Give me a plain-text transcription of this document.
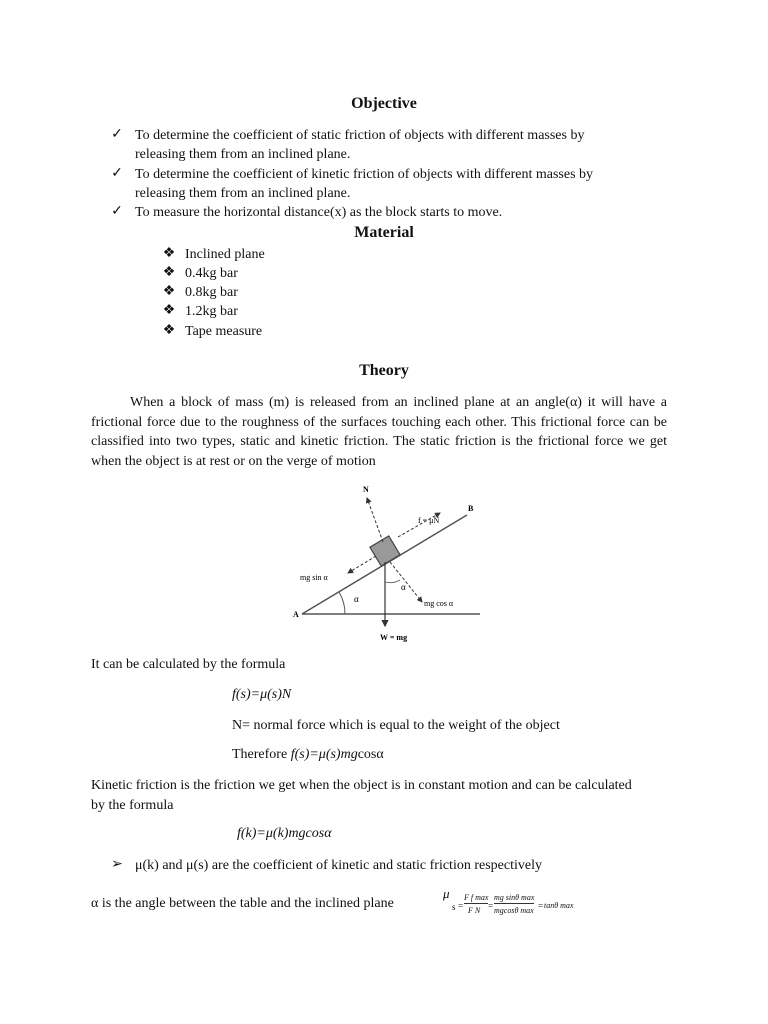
Objective
✓ To determine the coefficient of static friction of objects with different masses by
releasing them from an inclined plane.
✓ To determine the coefficient of kinetic friction of objects with different masses by
releasing them from an inclined plane.
✓ To measure the horizontal distance(x) as the block starts to move.
Material
❖ Inclined plane
❖ 0.4kg bar
❖ 0.8kg bar
❖ 1.2kg bar
❖ Tape measure
Theory
When a block of mass (m) is released from an inclined plane at an angle(α) it will have a frictional force due to the roughness of the surfaces touching each other. This frictional force can be classified into two types, static and kinetic friction. The static friction is the frictional force we get when the object is at rest or on the verge of motion
N
B
A
f = μN
mg sin α
α
α
mg cos α
W = mg
It can be calculated by the formula
f(s)=μ(s)N
N= normal force which is equal to the weight of the object
Therefore f(s)=μ(s)mgcosα
Kinetic friction is the friction we get when the object is in constant motion and can be calculated
by the formula
f(k)=μ(k)mgcosα
➢ μ(k) and μ(s) are the coefficient of kinetic and static friction respectively
α is the angle between the table and the inclined plane
μ
s =
F f max
F N =
mg sinθ max
mgcosθ max = tanθ max
